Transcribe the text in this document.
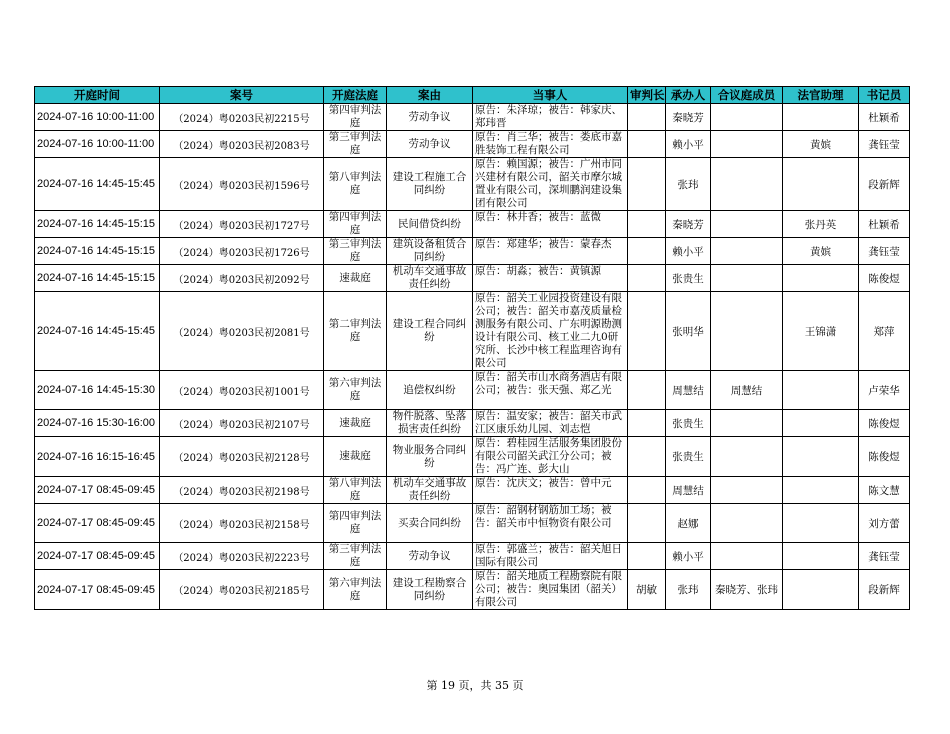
开庭时间	案号	开庭法庭	案由	当事人	审判长	承办人	合议庭成员	法官助理	书记员
2024-07-16 10:00-11:00	（2024）粤0203民初2215号	第四审判法庭	劳动争议	原告：朱泽琼；被告：韩家庆、郑玮晋		秦晓芳			杜颖希
2024-07-16 10:00-11:00	（2024）粤0203民初2083号	第三审判法庭	劳动争议	原告：肖三华；被告：娄底市嘉胜装饰工程有限公司		赖小平		黄嫔	龚钰莹
2024-07-16 14:45-15:45	（2024）粤0203民初1596号	第八审判法庭	建设工程施工合同纠纷	原告：赖国源；被告：广州市同兴建材有限公司，韶关市摩尔城置业有限公司，深圳鹏润建设集团有限公司		张玮			段新辉
2024-07-16 14:45-15:15	（2024）粤0203民初1727号	第四审判法庭	民间借贷纠纷	原告：林井香；被告：蓝微		秦晓芳		张丹英	杜颖希
2024-07-16 14:45-15:15	（2024）粤0203民初1726号	第三审判法庭	建筑设备租赁合同纠纷	原告：郑建华；被告：蒙春杰		赖小平		黄嫔	龚钰莹
2024-07-16 14:45-15:15	（2024）粤0203民初2092号	速裁庭	机动车交通事故责任纠纷	原告：胡淼；被告：黄镇源		张贵生			陈俊煜
2024-07-16 14:45-15:45	（2024）粤0203民初2081号	第二审判法庭	建设工程合同纠纷	原告：韶关工业园投资建设有限公司；被告：韶关市嘉茂质量检测服务有限公司、广东明源勘测设计有限公司、核工业二九0研究所、长沙中核工程监理咨询有限公司		张明华		王锦潇	郑萍
2024-07-16 14:45-15:30	（2024）粤0203民初1001号	第六审判法庭	追偿权纠纷	原告：韶关市山水商务酒店有限公司；被告：张天强、郑乙光		周慧结	周慧结		卢荣华
2024-07-16 15:30-16:00	（2024）粤0203民初2107号	速裁庭	物件脱落、坠落损害责任纠纷	原告：温安家；被告：韶关市武江区康乐幼儿园、刘志恺		张贵生			陈俊煜
2024-07-16 16:15-16:45	（2024）粤0203民初2128号	速裁庭	物业服务合同纠纷	原告：碧桂园生活服务集团股份有限公司韶关武江分公司；被告：冯广连、彭大山		张贵生			陈俊煜
2024-07-17 08:45-09:45	（2024）粤0203民初2198号	第八审判法庭	机动车交通事故责任纠纷	原告：沈庆文；被告：曾中元		周慧结			陈文慧
2024-07-17 08:45-09:45	（2024）粤0203民初2158号	第四审判法庭	买卖合同纠纷	原告：韶钢材钢筋加工场；被告：韶关市中恒物资有限公司		赵娜			刘方蕾
2024-07-17 08:45-09:45	（2024）粤0203民初2223号	第三审判法庭	劳动争议	原告：郭盛兰；被告：韶关旭日国际有限公司		赖小平			龚钰莹
2024-07-17 08:45-09:45	（2024）粤0203民初2185号	第六审判法庭	建设工程勘察合同纠纷	原告：韶关地质工程勘察院有限公司；被告：奥园集团（韶关）有限公司	胡敏	张玮	秦晓芳、张玮		段新辉
第 19 页，共 35 页
